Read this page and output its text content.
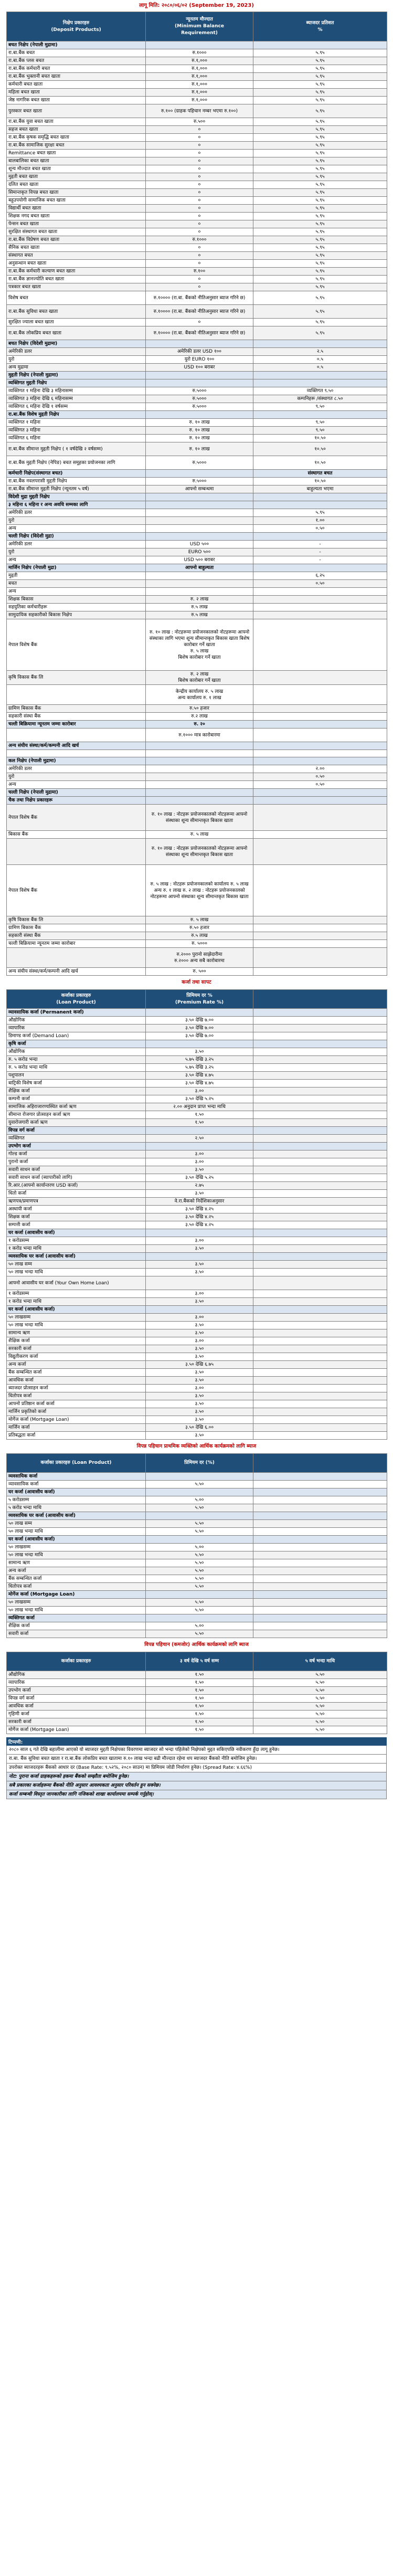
लागू मिति: २०८०/०६/०२ (September 19, 2023)
निक्षेप प्रकारहरु
(Deposit Products)	न्यूनतम मौज्दात
(Minimum Balance
Requirement)	ब्याजदर प्रतिशत
%
बचत निक्षेप (नेपाली मुद्रामा)		
रा.बा.बैंक बचत	रु.१०००	५.९५
रा.बा.बैंक प्लस बचत	रु.१,०००	५.९५
रा.बा.बैंक कर्मचारी बचत	रु.१,०००	५.९५
रा.बा.बैंक भुक्तानी बचत खाता	रु.१,०००	५.९५
कर्मचारी बचत खाता	रु.१,०००	५.९५
महिला बचत खाता	रु.१,०००	५.९५
जेष्ठ नागरिक बचत खाता	रु.१,०००	५.९५
पुरस्कार बचत खाता	रु.१०० (ग्राहक पहिचान नम्बर भएमा रु.१००)	५.९५
रा.बा.बैंक युवा बचत खाता	रु.५००	५.९५
सहज बचत खाता	०	५.९५
रा.बा.बैंक कृषक समृद्धि बचत खाता	०	५.९५
रा.बा.बैंक सामाजिक सुरक्षा बचत	०	५.९५
Remittance बचत खाता	०	५.९५
बालबालिका बचत खाता	०	५.९५
शून्य मौज्दात बचत खाता	०	५.९५
मुद्दती बचत खाता	०	५.९५
दलित बचत खाता	०	५.९५
सिमान्तकृत विपन्न बचत खाता	०	५.९५
बहुउपयोगी सामाजिक बचत खाता	०	५.९५
विद्यार्थी बचत खाता	०	५.९५
शिक्षक नगद बचत खाता	०	५.९५
पेन्सन बचत खाता	०	५.९५
सुरक्षित संस्थागत बचत खाता	०	५.९५
रा.बा.बैंक विप्रेषण बचत खाता	रु.१०००	५.९५
सैनिक बचत खाता	०	५.९५
संस्थागत बचत	०	५.९५
अनुसन्धान बचत खाता	०	५.९५
रा.बा.बैंक कर्मचारी कल्याण बचत खाता	रु.१००	५.९५
रा.बा.बैंक ज्ञानज्योति बचत खाता	०	५.९५
पत्रकार बचत खाता	०	५.९५
विशेष बचत	रु.१०००० (रा.बा. बैंकको नीतिअनुसार ब्याज गरिने छ)	५.९५
रा.बा.बैंक सुविधा बचत खाता	रु.१०००० (रा.बा. बैंकको नीतिअनुसार ब्याज गरिने छ)	५.९५
सुरक्षित ज्याला बचत खाता	०	५.९५
रा.बा.बैंक लोकप्रिय बचत खाता	रु.१०००० (रा.बा. बैंकको नीतिअनुसार ब्याज गरिने छ)	५.९५
बचत निक्षेप (विदेशी मुद्रामा)		
अमेरिकी डलर	अमेरिकी डलर USD १००	२.५
युरो	युरो EURO १००	०.५
अन्य मुद्रामा	USD १०० बराबर	०.५
मुद्दती निक्षेप (नेपाली मुद्रामा)		
व्यक्तिगत मुद्दती निक्षेप		
व्यक्तिगत १ महिना देखि ३ महिनासम्म	रु.५०००	व्यक्तिगत ९.५०
व्यक्तिगत ३ महिना देखि ६ महिनासम्म	रु.५०००	कम्पनिहरू /संस्थागत ८.५०
व्यक्तिगत ६ महिना देखि १ वर्षसम्म	रु.५०००	९.५०
रा.बा.बैंक विशेष मुद्दती निक्षेप		
व्यक्तिगत १ महिना	रु. १० लाख	९.५०
व्यक्तिगत ३ महिना	रु. १० लाख	९.५०
व्यक्तिगत ६ महिना	रु. १० लाख	१०.५०
रा.बा.बैंक सीमान्त मुद्दती निक्षेप ( १ वर्षदेखि २ वर्षसम्म)	रु. १० लाख	१०.५०
रा.बा.बैंक मुद्दती निक्षेप (नेपिङ) बचत समूहका प्रयोजनका लागि	रु.५०००	१०.५०
कर्मचारी निक्षेप(संस्थागत बचत)		संस्थागत बचत
रा.बा.बैंक नवलपरासी मुद्दती निक्षेप	रु.५०००	१०.५०
रा.बा.बैंक सीमान्त मुद्दती निक्षेप (न्यूनतम ५ वर्ष)	आफ्नो सम्बन्धमा	बाहुल्यता भएमा
विदेशी मुद्रा मुद्दती निक्षेप		
३ महिना ६ महिना र अन्य अवधि सम्मका लागि		
अमेरिकी डलर		५.९५
युरो		१.००
अन्य		०.५०
चल्ती निक्षेप (विदेशी मुद्रा)		
अमेरिकी डलर	USD ५००	-
युरो	EURO ५००	-
अन्य	USD ५०० बराबर	-
मार्जिन निक्षेप (नेपाली मुद्रा)	आफ्नो बाहुल्यता	
मुद्दती		६.२५
बचत		०.५०
अन्य		
शिक्षक बिकास	रु. २ लाख	
सहयुतिका कर्मचारीहरू	रु.५ लाख	
सामुदायिक सहकारीको बिकास निक्षेप	रु.५ लाख	
नेपाल विशेष बैंक	रु. १० लाख : नोटहरूमा प्रयोजनकालको नोटहरूमा आफ्नो संस्थाका लागि भएमा शून्य सीमान्तकृत बिकास खाता बिशेष कारोबार गर्ने खाता
रु. ५ लाख
बिशेष कारोबार गर्ने खाता	
कृषि विकास बैंक लि	रु. २ लाख
बिशेष कारोबार गर्ने खाता	
	केन्द्रीय कार्यालय रु. ५ लाख
अन्य कार्यालय रु. १ लाख	
ग्रामिण बिकास बैंक	रु.५० हजार	
सहकारी संस्था बैंक	रु.२ लाख	
चल्ती बिक्रियामा न्यूनतम जम्मा कारोबार	रु. २०	
	रु.१००० मात्र कारोबारमा	
अन्य संघीय संस्था/कर्म/कम्पनी आदि खर्च		

कल निक्षेप (नेपाली मुद्रामा)		
अमेरिकी डलर		२.००
युरो		०.५०
अन्य		०.५०
चल्ती निक्षेप (नेपाली मुद्रामा)		
चैक तथा निक्षेप प्रकारहरू		
नेपाल विशेष बैंक	रु. १० लाख : नोटहरू प्रयोजनकालको नोटहरूमा आफ्नो संस्थाका शून्य सीमान्तकृत बिकास खाता	
बिकास बैंक	रु. ५ लाख	
	रु. १० लाख : नोटहरू प्रयोजनकालको नोटहरूमा आफ्नो संस्थाका शून्य सीमान्तकृत बिकास खाता	
नेपाल विशेष बैंक	रु. ५ लाख : नोटहरू प्रयोजनकालको कार्यालय रु. ५ लाख अन्य रु. १ लाख रु. २ लाख : नोटहरू प्रयोजनकालको नोटहरूमा आफ्नो संस्थाका शून्य सीमान्तकृत बिकास खाता	
कृषि विकास बैंक लि	रु. ५ लाख	
ग्रामिण बिकास बैंक	रु.५० हजार	
सहकारी संस्था बैंक	रु.५ लाख	
चल्ती बिक्रियामा न्यूनतम जम्मा कारोबार	रु. ५०००	
	रु.२००० पुरानो साझेदारीमा
रु.२००० अन्य सबै कारोबारमा	
अन्य संघीय संस्था/कर्म/कम्पनी आदि खर्च	रु. ५००	
कर्जा तथा सापट
कर्जाका प्रकारहरु
(Loan Product)	प्रिमियम दर %
(Premium Rate %)	
व्यावसायिक कर्जा (Permanent कर्जा)		
औद्योगिक	३.५० देखि ७.००	
व्यापारिक	३.५० देखि ७.००	
डिमाण्ड कर्जा (Demand Loan)	३.५० देखि ७.००	
कृषि कर्जा		
औद्योगिक	३.५०	
रु. ५ करोड भन्दा	५.७५ देखि ३.२५	
रु. ५ करोड भन्दा माथि	५.७५ देखि ३.२५	
पशुपालन	३.५० देखि ४.७५	
बाट्रिकी विशेष कर्जा	३.५० देखि ४.७५	
शैक्षिक कर्जा	३.००	
कम्पनी कर्जा	३.५० देखि ५.२५	
सामाजिक अहिराजारण्यस्थित कर्जा ऋण	२.०० अनुदान प्राप्त भन्दा माथि	
सीमान्त रोजगार प्रोत्साहन कर्जा ऋण	१.५०	
युवारोजगारी कर्जा ऋण	१.५०	
विपन्न वर्ग कर्जा		
व्यक्तिगत	२.५०	
उपभोग कर्जा		
गोल्ड कर्जा	३.००	
पुरानो कर्जा	३.००	
सवारी साधन कर्जा	३.५०	
सवारी साधन कर्जा (ब्यापारीको लागि)	३.५० देखि ५.२५	
रि.आर.(आफ्नो कार्यान्तरण USD कर्जा)	२.७५	
धितो कर्जा	३.५०	
ऋणपत्र/प्रमाणपत्र	वे.रा.बैंकको निर्देशिकाअनुसार	
अस्थायी कर्जा	३.५० देखि ४.२५	
शिक्षक कर्जा	३.५० देखि ४.२५	
सम्पत्ती कर्जा	३.५० देखि ४.२५	
घर कर्जा (आवासीय कर्जा)		
१ करोडसम्म	३.००	
१ करोड भन्दा माथि	३.५०	
व्यवसायिक घर कर्जा (आवासीय कर्जा)		
५० लाख सम्म	३.५०	
५० लाख भन्दा माथि	३.५०	
आफ्नो आवासीय घर कर्जा (Your Own Home Loan)		
१ करोडसम्म	३.००	
१ करोड भन्दा माथि	३.५०	
घर कर्जा (आवासीय कर्जा)		
५० लाखसम्म	३.००	
५० लाख भन्दा माथि	३.५०	
सामान्य ऋण	३.५०	
शैक्षिक कर्जा	३.००	
सरकारी कर्जा	३.५०	
विद्युतीकरण कर्जा	३.५०	
अन्य कर्जा	३.५० देखि ६.७५	
बैंक सम्बन्धित कर्जा	३.५०	
आवधिक कर्जा	३.५०	
ब्याजदर प्रोत्साहन कर्जा	३.००	
धितोपत्र कर्जा	३.५०	
आफ्नो प्रतिष्ठान कर्जा कर्जा	३.५०	
मार्जिन प्रकृतिको कर्जा	३.५०	
मोर्गेज कर्जा (Mortgage Loan)	३.५०	
मार्जिन कर्जा	३.५० देखि ६.००	
प्रतिबद्धता कर्जा	३.५०	
विपन्न पहिचान प्राथमिक व्यक्तिको आर्थिक कार्यक्रमको लागि ब्याज
कर्जाका प्रकारहरु (Loan Product)	प्रिमियम दर (%)	
व्यवसायिक कर्जा		
व्यावसायिक कर्जा	५.५०	
घर कर्जा (आवासीय कर्जा)		
५ करोडसम्म	५.००	
५ करोड भन्दा माथि	५.५०	
व्यवसायिक घर कर्जा (आवासीय कर्जा)		
५० लाख सम्म	५.५०	
५० लाख भन्दा माथि	५.५०	
घर कर्जा (आवासीय कर्जा)		
५० लाखसम्म	५.००	
५० लाख भन्दा माथि	५.५०	
सामान्य ऋण	५.५०	
अन्य कर्जा	५.५०	
बैंक सम्बन्धित कर्जा	५.५०	
धितोपत्र कर्जा	५.५०	
मोर्गेज कर्जा (Mortgage Loan)		
५० लाखसम्म	५.५०	
५० लाख भन्दा माथि	५.५०	
व्यक्तिगत कर्जा		
शैक्षिक कर्जा	५.००	
सवारी कर्जा	५.५०	
विपन्न पहिचान (कमजोर) आर्थिक कार्यक्रमको लागि ब्याज
कर्जाका प्रकारहरु	३ वर्ष देखि ५ वर्ष सम्म	५ वर्ष भन्दा माथि
औद्योगिक	१.५०	५.५०
व्यापारिक	१.५०	५.५०
उपभोग कर्जा	१.५०	५.५०
विपन्न वर्ग कर्जा	१.५०	५.५०
आवधिक कर्जा	१.५०	५.५०
गृहिणी कर्जा	१.५०	५.५०
सरकारी कर्जा	१.५०	५.५०
मोर्गेज कर्जा (Mortgage Loan)	१.५०	५.५०
टिप्पणी:
२०८० साल ६ गते देखि बहालीमा आएको यो ब्याजदर मुद्दती निक्षेपका विवरणमा ब्याजदर सो भन्दा पहिलेको निक्षेपको मुद्दत सकिएपछि नवीकरण हुँदा लागू हुनेछ।
रा.बा. बैंक सुविधा बचत खाता र रा.बा.बैंक लोकप्रिय बचत खातामा रु.१० लाख भन्दा बढी मौज्दात रहेमा थप ब्याजदर बैंकको नीति बमोजिम हुनेछ।
उपरोक्त ब्याजदरहरू बैंकको आधार दर (Base Rate: ९.५२%, २०८० साउन) मा प्रिमियम जोडी निर्धारण हुनेछ। (Spread Rate: ४.६६%)
नोट: पुराना कर्जा ग्राहकहरूको हकमा बैंकको सम्झौता बमोजिम हुनेछ।
सबै प्रकारका कर्जाहरूमा बैंकको नीति अनुसार आवश्यकता अनुसार परिवर्तन हुन सक्नेछ।
कर्जा सम्बन्धी विस्तृत जानकारीका लागि नजिकको शाखा कार्यालयमा सम्पर्क गर्नुहोस्।
